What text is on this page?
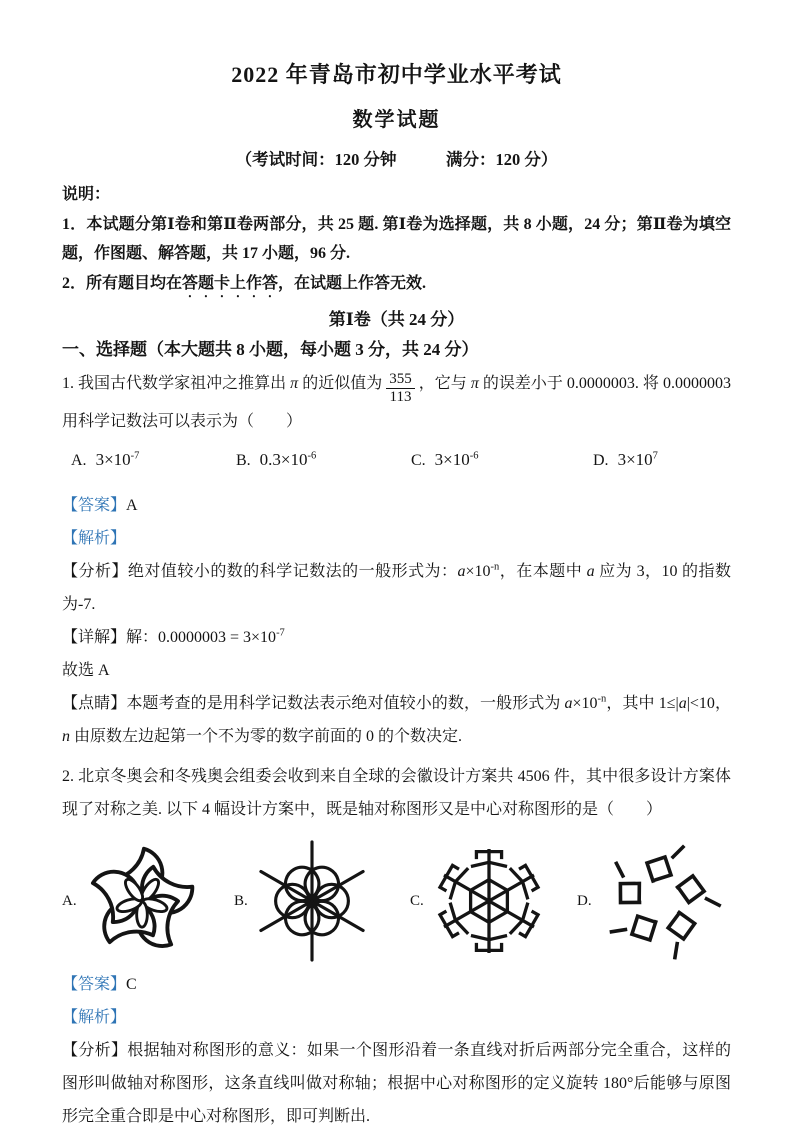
2022 年青岛市初中学业水平考试
数学试题
（考试时间：120 分钟　　　满分：120 分）
说明：
1．本试题分第Ⅰ卷和第Ⅱ卷两部分，共 25 题. 第Ⅰ卷为选择题，共 8 小题，24 分；第Ⅱ卷为填空题，作图题、解答题，共 17 小题，96 分.
2．所有题目均在答题卡上作答，在试题上作答无效.
第Ⅰ卷（共 24 分）
一、选择题（本大题共 8 小题，每小题 3 分，共 24 分）
1. 我国古代数学家祖冲之推算出 π 的近似值为 $\frac{355}{113}$ ，它与 π 的误差小于 0.0000003. 将 0.0000003 用科学记数法可以表示为（　　）
A. $3\times 10^{-7}$	B. $0.3\times 10^{-6}$	C. $3\times 10^{-6}$	D. $3\times 10^7$
【答案】A
【解析】
【分析】绝对值较小的数的科学记数法的一般形式为：$a\times 10^{-n}$，在本题中 a 应为 3，10 的指数为-7.
【详解】解：$0.0000003 = 3\times 10^{-7}$
故选 A
【点睛】本题考查的是用科学记数法表示绝对值较小的数，一般形式为 $a\times 10^{-n}$，其中 1≤|a|<10，n 由原数左边起第一个不为零的数字前面的 0 的个数决定.
2. 北京冬奥会和冬残奥会组委会收到来自全球的会徽设计方案共 4506 件，其中很多设计方案体现了对称之美. 以下 4 幅设计方案中，既是轴对称图形又是中心对称图形的是（　　）
A.	B.	C.	D.
【答案】C
【解析】
【分析】根据轴对称图形的意义：如果一个图形沿着一条直线对折后两部分完全重合，这样的图形叫做轴对称图形，这条直线叫做对称轴；根据中心对称图形的定义旋转 180°后能够与原图形完全重合即是中心对称图形，即可判断出.
